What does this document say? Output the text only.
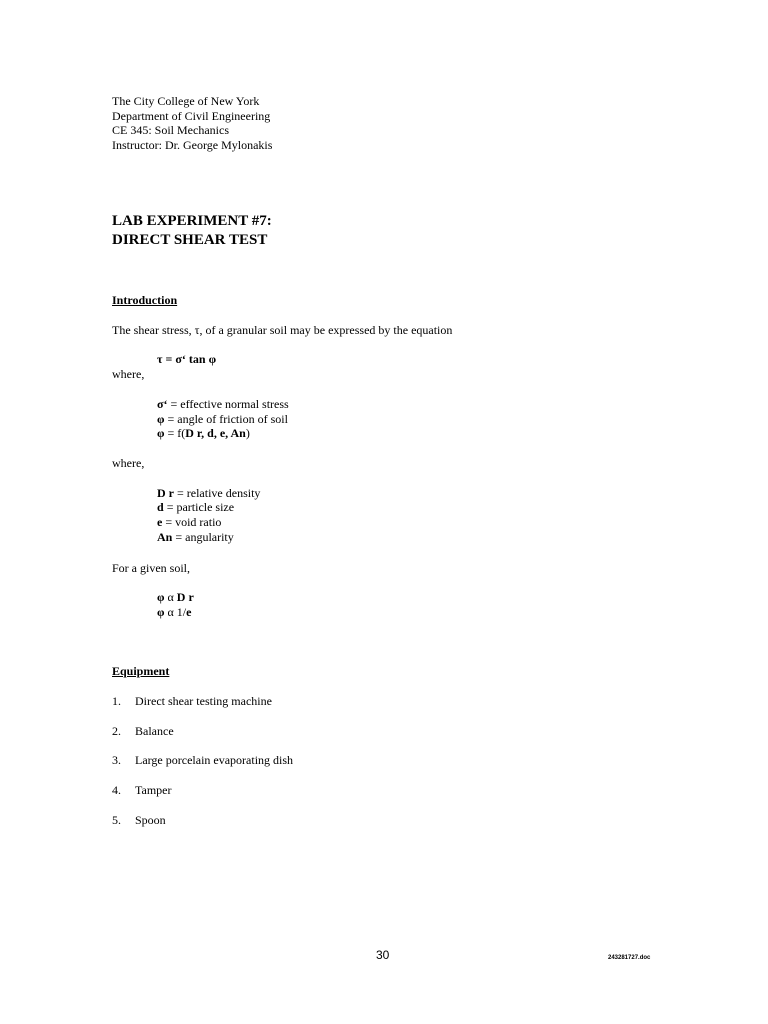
The City College of New York
Department of Civil Engineering
CE 345: Soil Mechanics
Instructor: Dr. George Mylonakis
LAB EXPERIMENT #7:
DIRECT SHEAR TEST
Introduction
The shear stress, τ, of a granular soil may be expressed by the equation
τ = σ‘ tan φ
where,
σ‘ = effective normal stress
φ = angle of friction of soil
φ = f(D r, d, e, An)
where,
D r = relative density
d = particle size
e = void ratio
An = angularity
For a given soil,
φ α D r
φ α 1/e
Equipment
1. Direct shear testing machine
2. Balance
3. Large porcelain evaporating dish
4. Tamper
5. Spoon
30	243281727.doc
